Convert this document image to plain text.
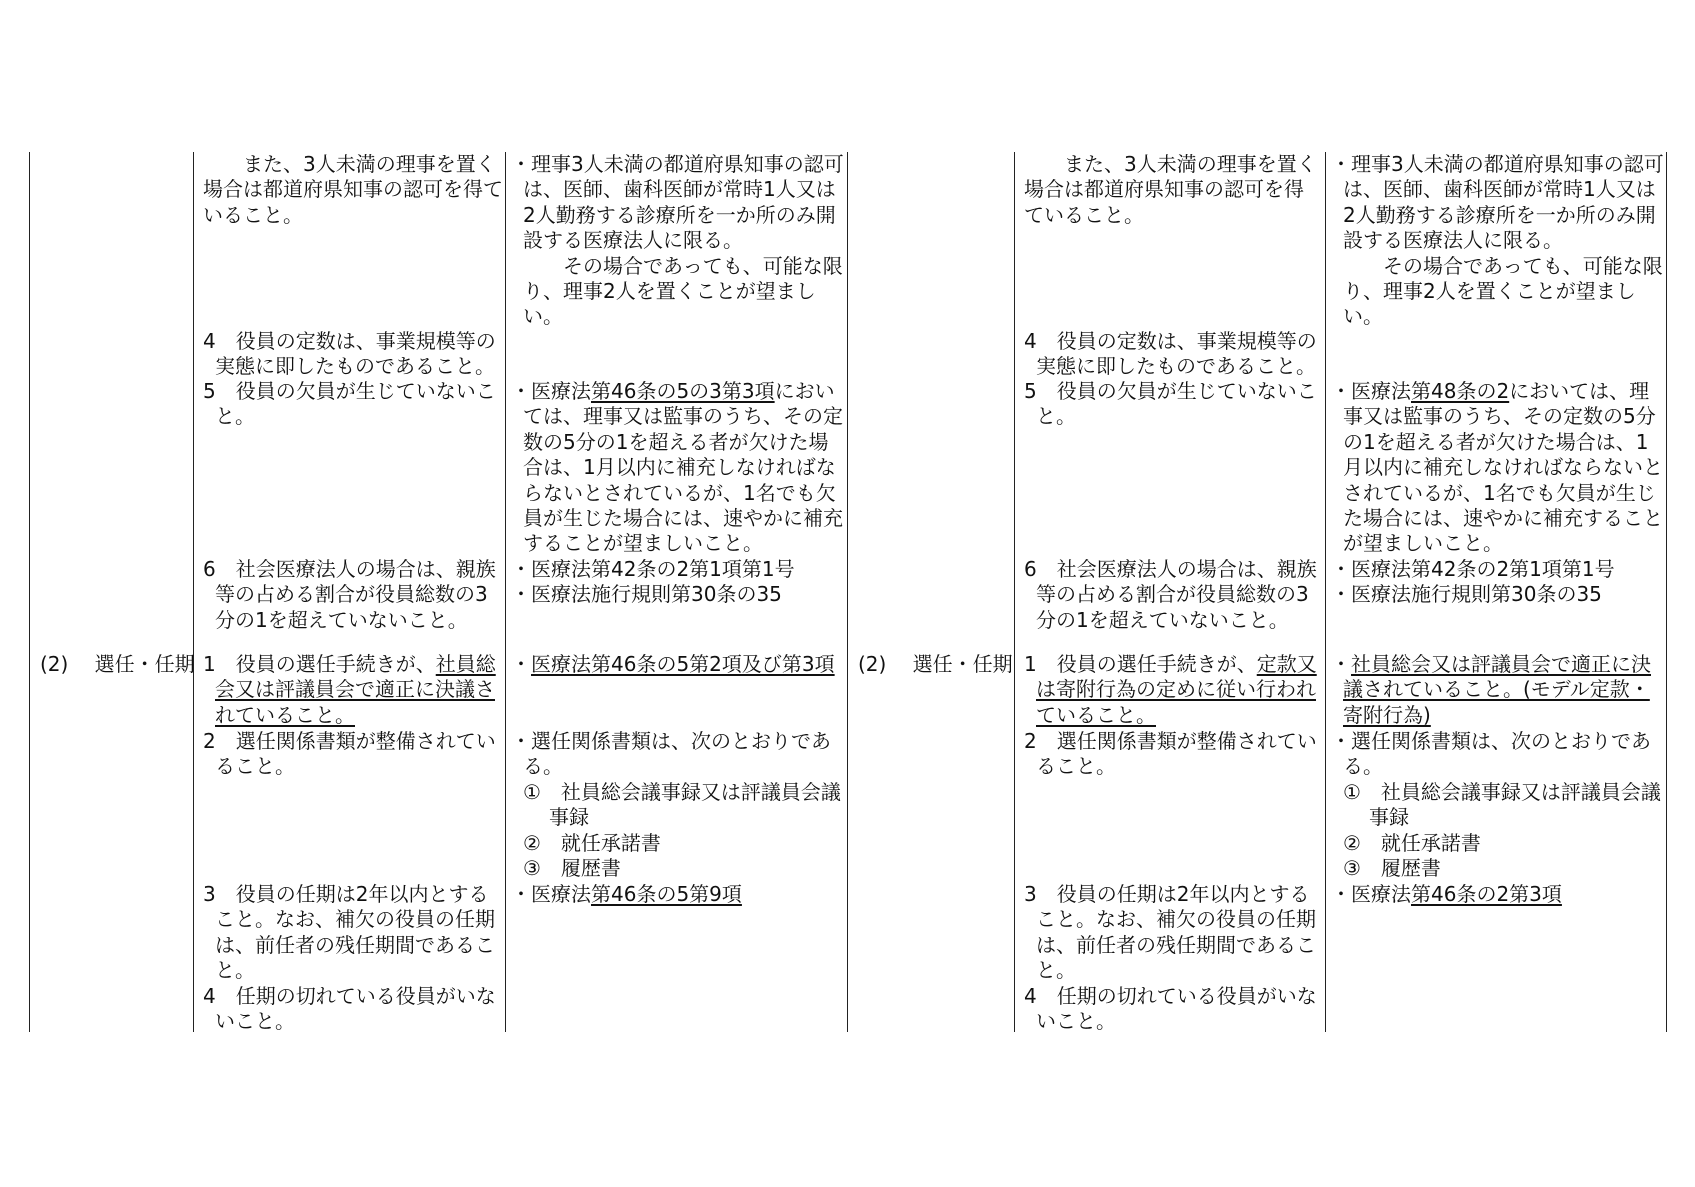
　また、3人未満の理事を置く場合は都道府県知事の認可を得ていること。

・理事3人未満の都道府県知事の認可は、医師、歯科医師が常時1人又は2人勤務する診療所を一か所のみ開設する医療法人に限る。

　その場合であっても、可能な限り、理事2人を置くことが望ましい。

4　役員の定数は、事業規模等の実態に即したものであること。

5　役員の欠員が生じていないこと。

・医療法第46条の5の3第3項においては、理事又は監事のうち、その定数の5分の1を超える者が欠けた場合は、1月以内に補充しなければならないとされているが、1名でも欠員が生じた場合には、速やかに補充することが望ましいこと。

6　社会医療法人の場合は、親族等の占める割合が役員総数の3分の1を超えていないこと。

・医療法第42条の2第1項第1号

・医療法施行規則第30条の35

(2)　 選任・任期 1　役員の選任手続きが、社員総会又は評議員会で適正に決議されていること。

・医療法第46条の5第2項及び第3項

2　選任関係書類が整備されていること。

・選任関係書類は、次のとおりである。

①　社員総会議事録又は評議員会議事録

②　就任承諾書

③　履歴書

3　役員の任期は2年以内とすること。なお、補欠の役員の任期は、前任者の残任期間であること。

4　任期の切れている役員がいないこと。

・医療法第46条の5第9項

　また、3人未満の理事を置く場合は都道府県知事の認可を得ていること。

・理事3人未満の都道府県知事の認可は、医師、歯科医師が常時1人又は2人勤務する診療所を一か所のみ開設する医療法人に限る。

　その場合であっても、可能な限り、理事2人を置くことが望ましい。

4　役員の定数は、事業規模等の実態に即したものであること。

5　役員の欠員が生じていないこと。

・医療法第48条の2においては、理事又は監事のうち、その定数の5分の1を超える者が欠けた場合は、1月以内に補充しなければならないとされているが、1名でも欠員が生じた場合には、速やかに補充することが望ましいこと。

6　社会医療法人の場合は、親族等の占める割合が役員総数の3分の1を超えていないこと。

・医療法第42条の2第1項第1号

・医療法施行規則第30条の35

(2)　 選任・任期 1　役員の選任手続きが、定款又は寄附行為の定めに従い行われていること。

・社員総会又は評議員会で適正に決議されていること。(モデル定款・寄附行為)

2　選任関係書類が整備されていること。

・選任関係書類は、次のとおりである。

①　社員総会議事録又は評議員会議事録

②　就任承諾書

③　履歴書

3　役員の任期は2年以内とすること。なお、補欠の役員の任期は、前任者の残任期間であること。

4　任期の切れている役員がいないこと。

・医療法第46条の2第3項
